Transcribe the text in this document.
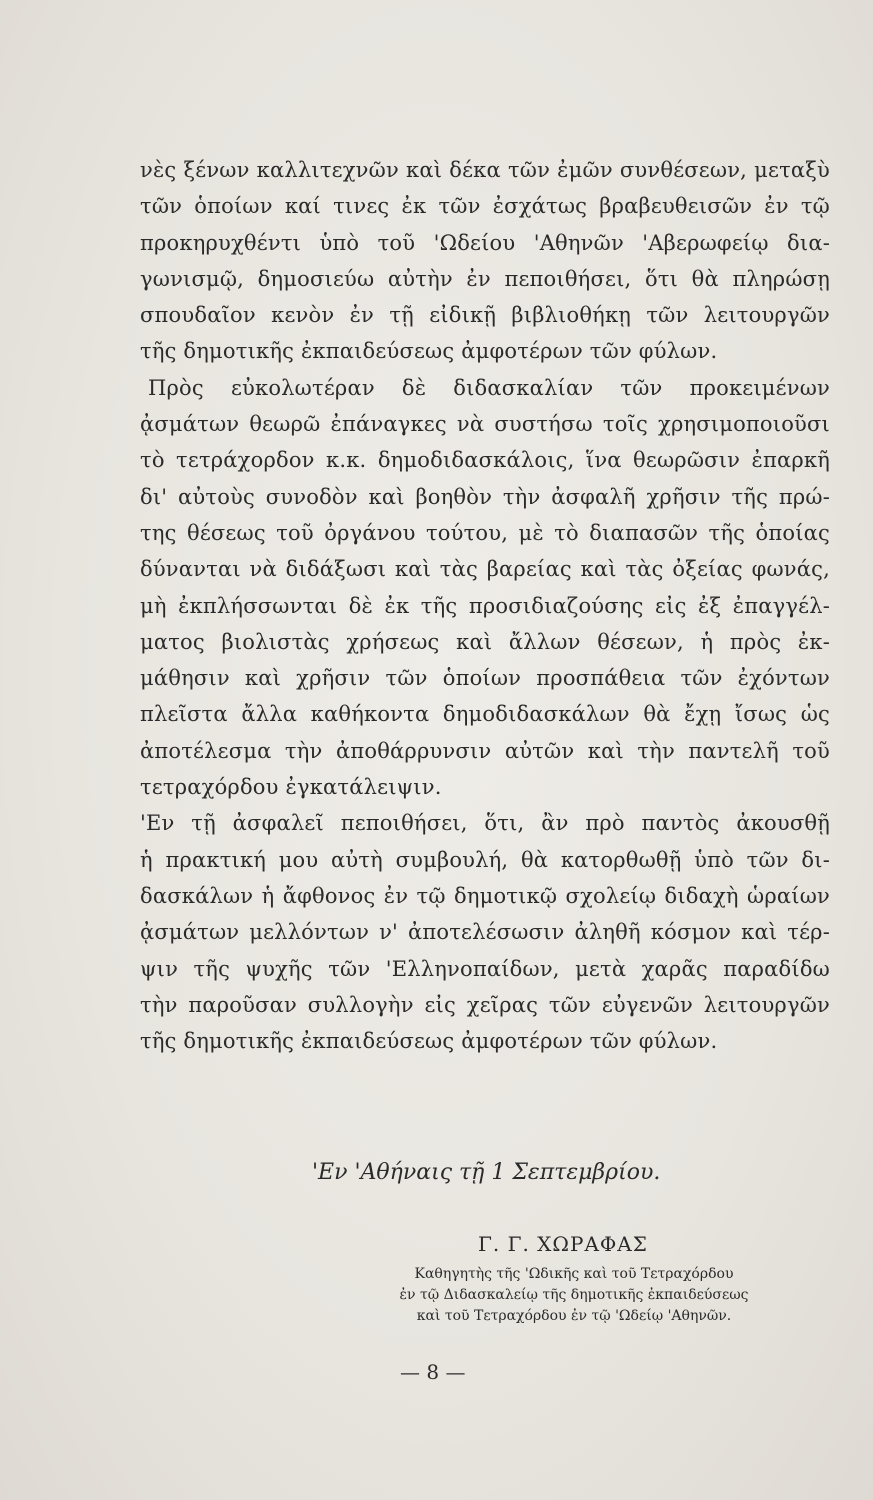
νὲς ξένων καλλιτεχνῶν καὶ δέκα τῶν ἐμῶν συνθέσεων, μεταξὺ
τῶν ὁποίων καί τινες ἐκ τῶν ἐσχάτως βραβευθεισῶν ἐν τῷ
προκηρυχθέντι ὑπὸ τοῦ 'Ωδείου 'Αθηνῶν 'Αβερωφείῳ δια-
γωνισμῷ, δημοσιεύω αὐτὴν ἐν πεποιθήσει, ὅτι θὰ πληρώσῃ
σπουδαῖον κενὸν ἐν τῇ εἰδικῇ βιβλιοθήκῃ τῶν λειτουργῶν
τῆς δημοτικῆς ἐκπαιδεύσεως ἀμφοτέρων τῶν φύλων.
Πρὸς εὐκολωτέραν δὲ διδασκαλίαν τῶν προκειμένων
ᾀσμάτων θεωρῶ ἐπάναγκες νὰ συστήσω τοῖς χρησιμοποιοῦσι
τὸ τετράχορδον κ.κ. δημοδιδασκάλοις, ἵνα θεωρῶσιν ἐπαρκῆ
δι' αὐτοὺς συνοδὸν καὶ βοηθὸν τὴν ἀσφαλῆ χρῆσιν τῆς πρώ-
της θέσεως τοῦ ὀργάνου τούτου, μὲ τὸ διαπασῶν τῆς ὁποίας
δύνανται νὰ διδάξωσι καὶ τὰς βαρείας καὶ τὰς ὀξείας φωνάς,
μὴ ἐκπλήσσωνται δὲ ἐκ τῆς προσιδιαζούσης εἰς ἐξ ἐπαγγέλ-
ματος βιολιστὰς χρήσεως καὶ ἄλλων θέσεων, ἡ πρὸς ἐκ-
μάθησιν καὶ χρῆσιν τῶν ὁποίων προσπάθεια τῶν ἐχόντων
πλεῖστα ἄλλα καθήκοντα δημοδιδασκάλων θὰ ἔχῃ ἴσως ὡς
ἀποτέλεσμα τὴν ἀποθάρρυνσιν αὐτῶν καὶ τὴν παντελῆ τοῦ
τετραχόρδου ἐγκατάλειψιν.
'Εν τῇ ἀσφαλεῖ πεποιθήσει, ὅτι, ἂν πρὸ παντὸς ἀκουσθῇ
ἡ πρακτική μου αὐτὴ συμβουλή, θὰ κατορθωθῇ ὑπὸ τῶν δι-
δασκάλων ἡ ἄφθονος ἐν τῷ δημοτικῷ σχολείῳ διδαχὴ ὡραίων
ᾀσμάτων μελλόντων ν' ἀποτελέσωσιν ἀληθῆ κόσμον καὶ τέρ-
ψιν τῆς ψυχῆς τῶν 'Ελληνοπαίδων, μετὰ χαρᾶς παραδίδω
τὴν παροῦσαν συλλογὴν εἰς χεῖρας τῶν εὐγενῶν λειτουργῶν
τῆς δημοτικῆς ἐκπαιδεύσεως ἀμφοτέρων τῶν φύλων.
'Εν 'Αθήναις τῇ 1 Σεπτεμβρίου.
Γ. Γ. ΧΩΡΑΦΑΣ
Καθηγητὴς τῆς 'Ωδικῆς καὶ τοῦ Τετραχόρδου
ἐν τῷ Διδασκαλείῳ τῆς δημοτικῆς ἐκπαιδεύσεως
καὶ τοῦ Τετραχόρδου ἐν τῷ 'Ωδείῳ 'Αθηνῶν.
— 8 —
